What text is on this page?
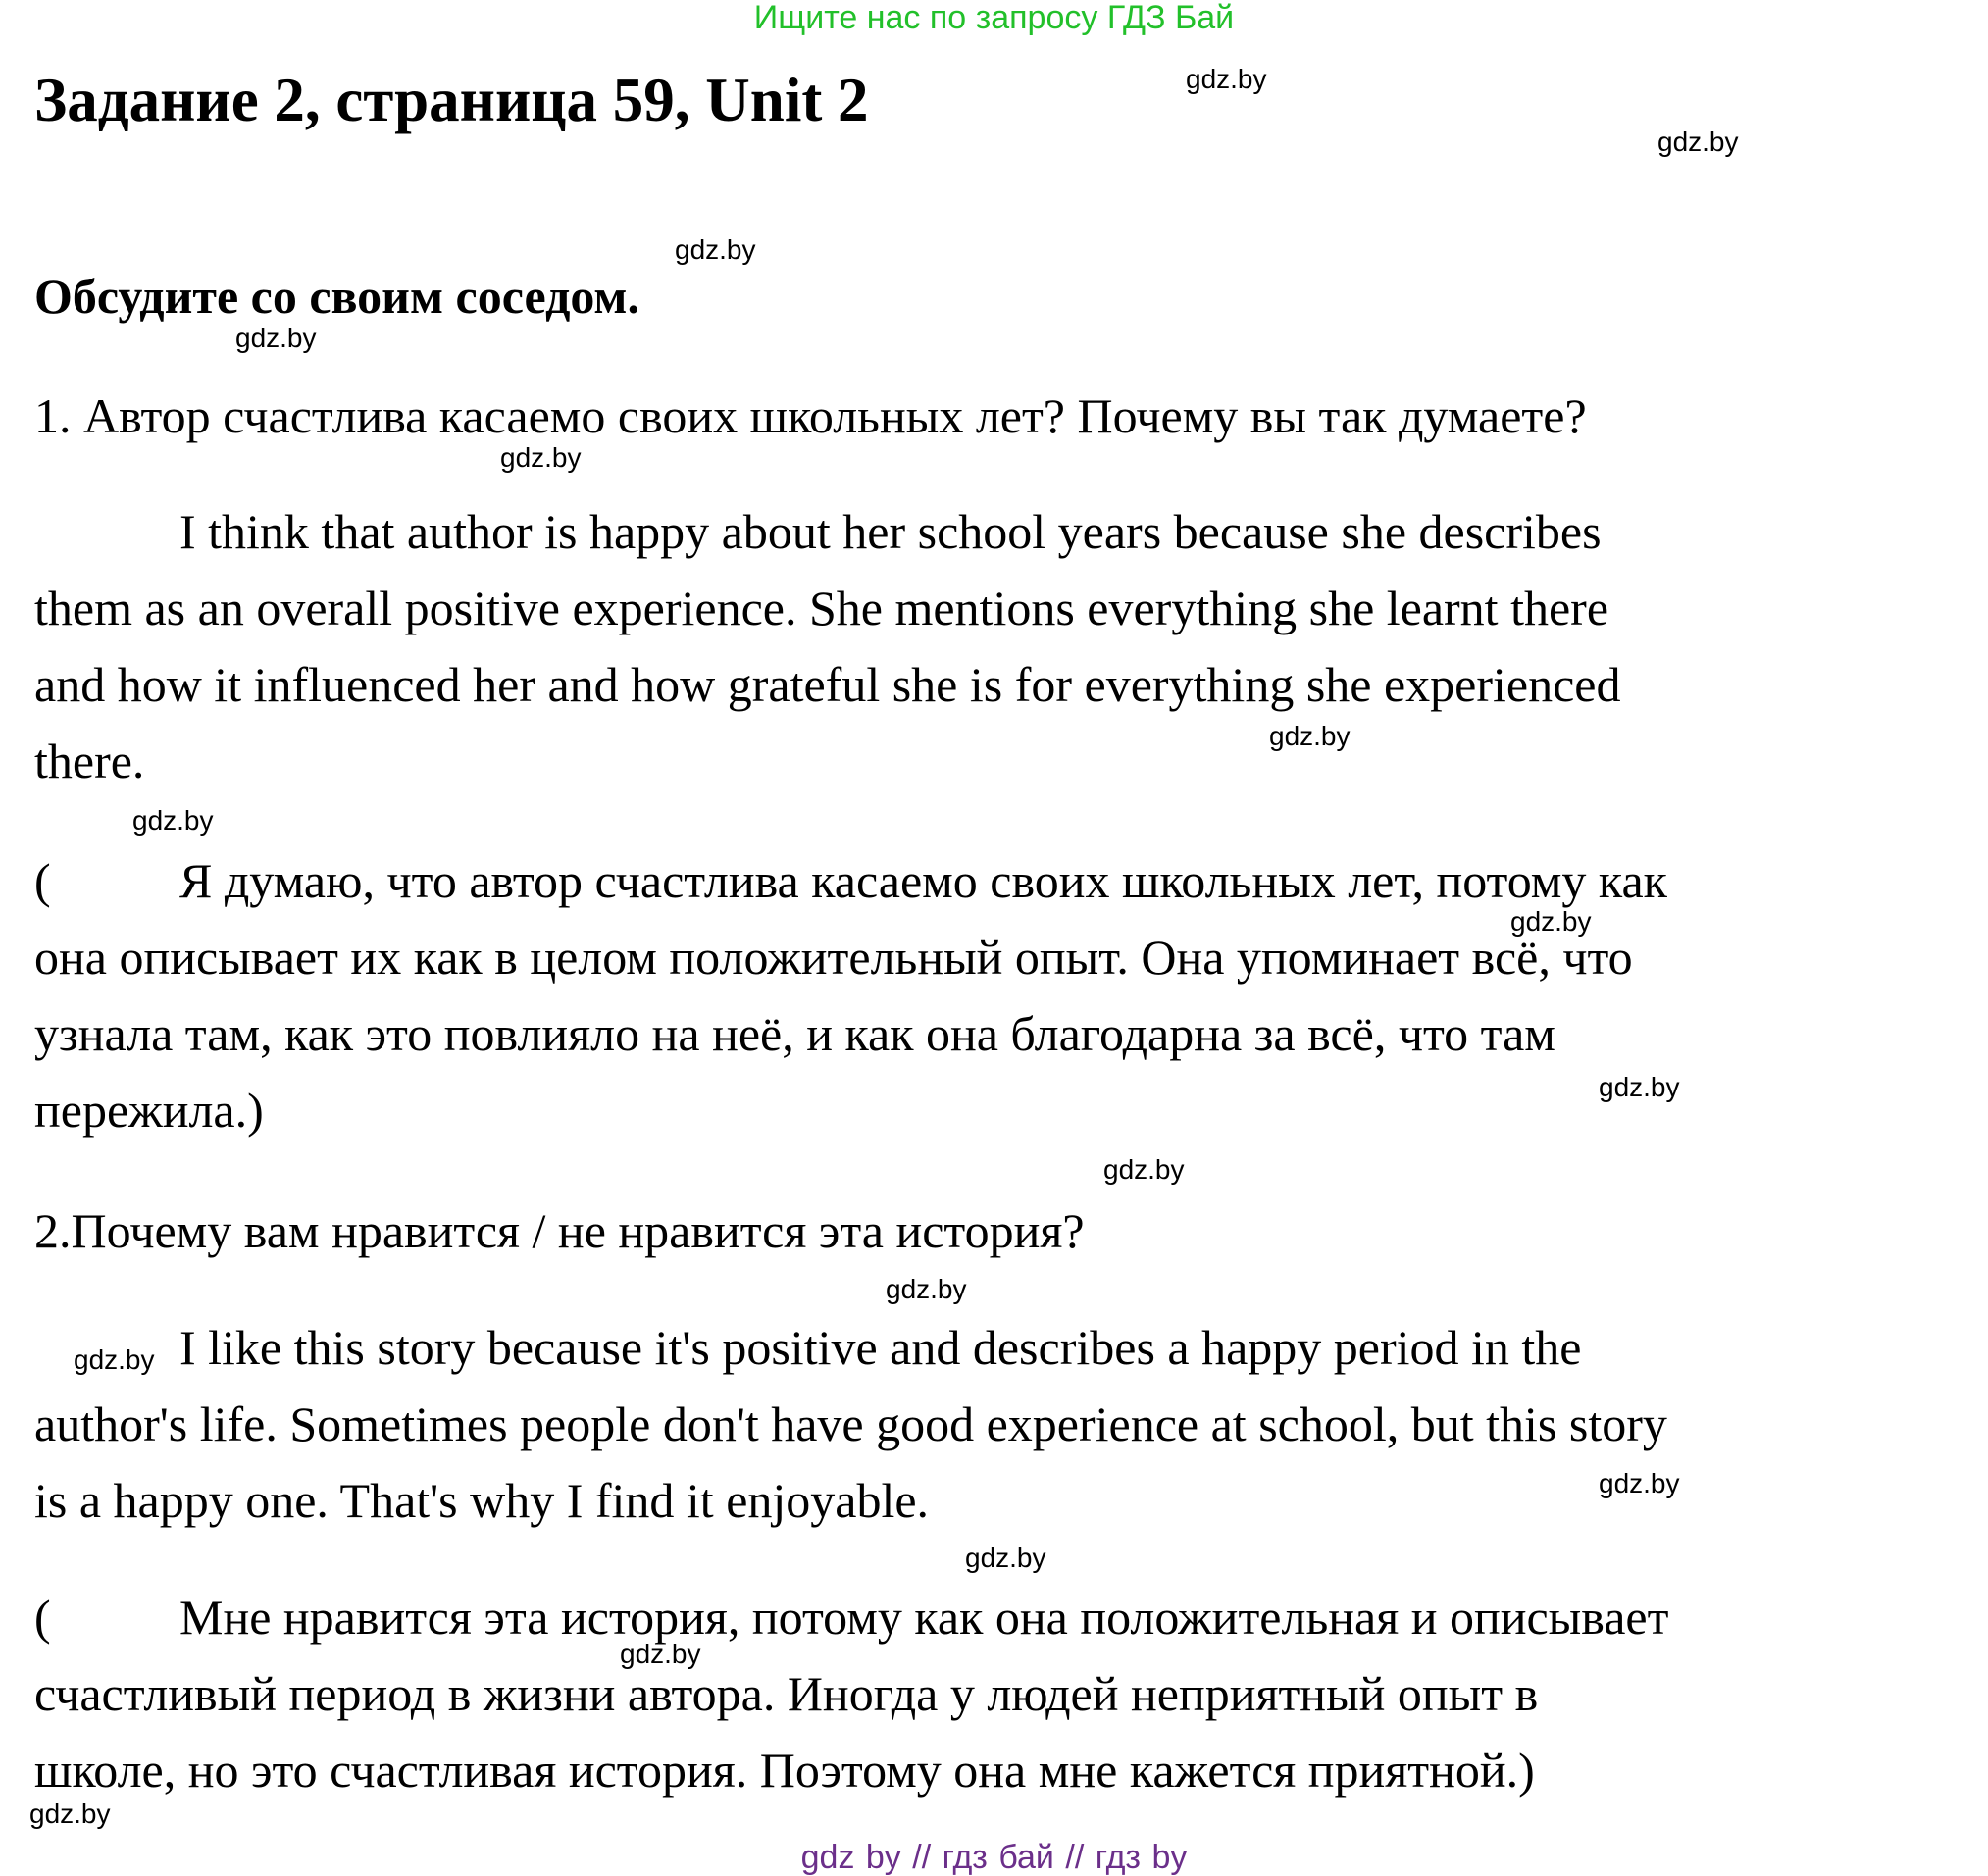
Ищите нас по запросу ГДЗ Бай
Задание 2, страница 59, Unit 2
Обсудите со своим соседом.
1. Автор счастлива касаемо своих школьных лет? Почему вы так думаете?
I think that author is happy about her school years because she describes
them as an overall positive experience. She mentions everything she learnt there
and how it influenced her and how grateful she is for everything she experienced
there.
(	Я думаю, что автор счастлива касаемо своих школьных лет, потому как
она описывает их как в целом положительный опыт. Она упоминает всё, что
узнала там, как это повлияло на неё, и как она благодарна за всё, что там
пережила.)
2.Почему вам нравится / не нравится эта история?
I like this story because it's positive and describes a happy period in the
author's life. Sometimes people don't have good experience at school, but this story
is a happy one. That's why I find it enjoyable.
(	Мне нравится эта история, потому как она положительная и описывает
счастливый период в жизни автора. Иногда у людей неприятный опыт в
школе, но это счастливая история. Поэтому она мне кажется приятной.)
gdz.by
gdz.by
gdz.by
gdz.by
gdz.by
gdz.by
gdz.by
gdz.by
gdz.by
gdz.by
gdz.by
gdz.by
gdz.by
gdz.by
gdz.by
gdz.by
gdz by // гдз бай // гдз by
